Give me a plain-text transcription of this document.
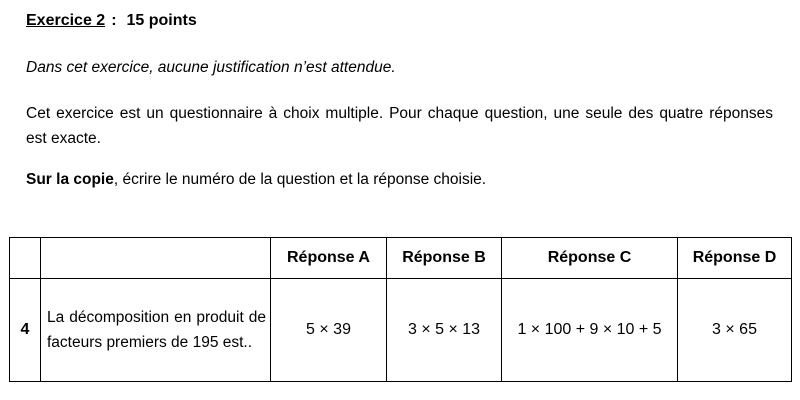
Exercice 2 : 15 points
Dans cet exercice, aucune justification n’est attendue.
Cet exercice est un questionnaire à choix multiple. Pour chaque question, une seule des quatre réponses est exacte.
Sur la copie, écrire le numéro de la question et la réponse choisie.
		Réponse A	Réponse B	Réponse C	Réponse D
4	La décomposition en produit de facteurs premiers de 195 est..	5 × 39	3 × 5 × 13	1 × 100 + 9 × 10 + 5	3 × 65
